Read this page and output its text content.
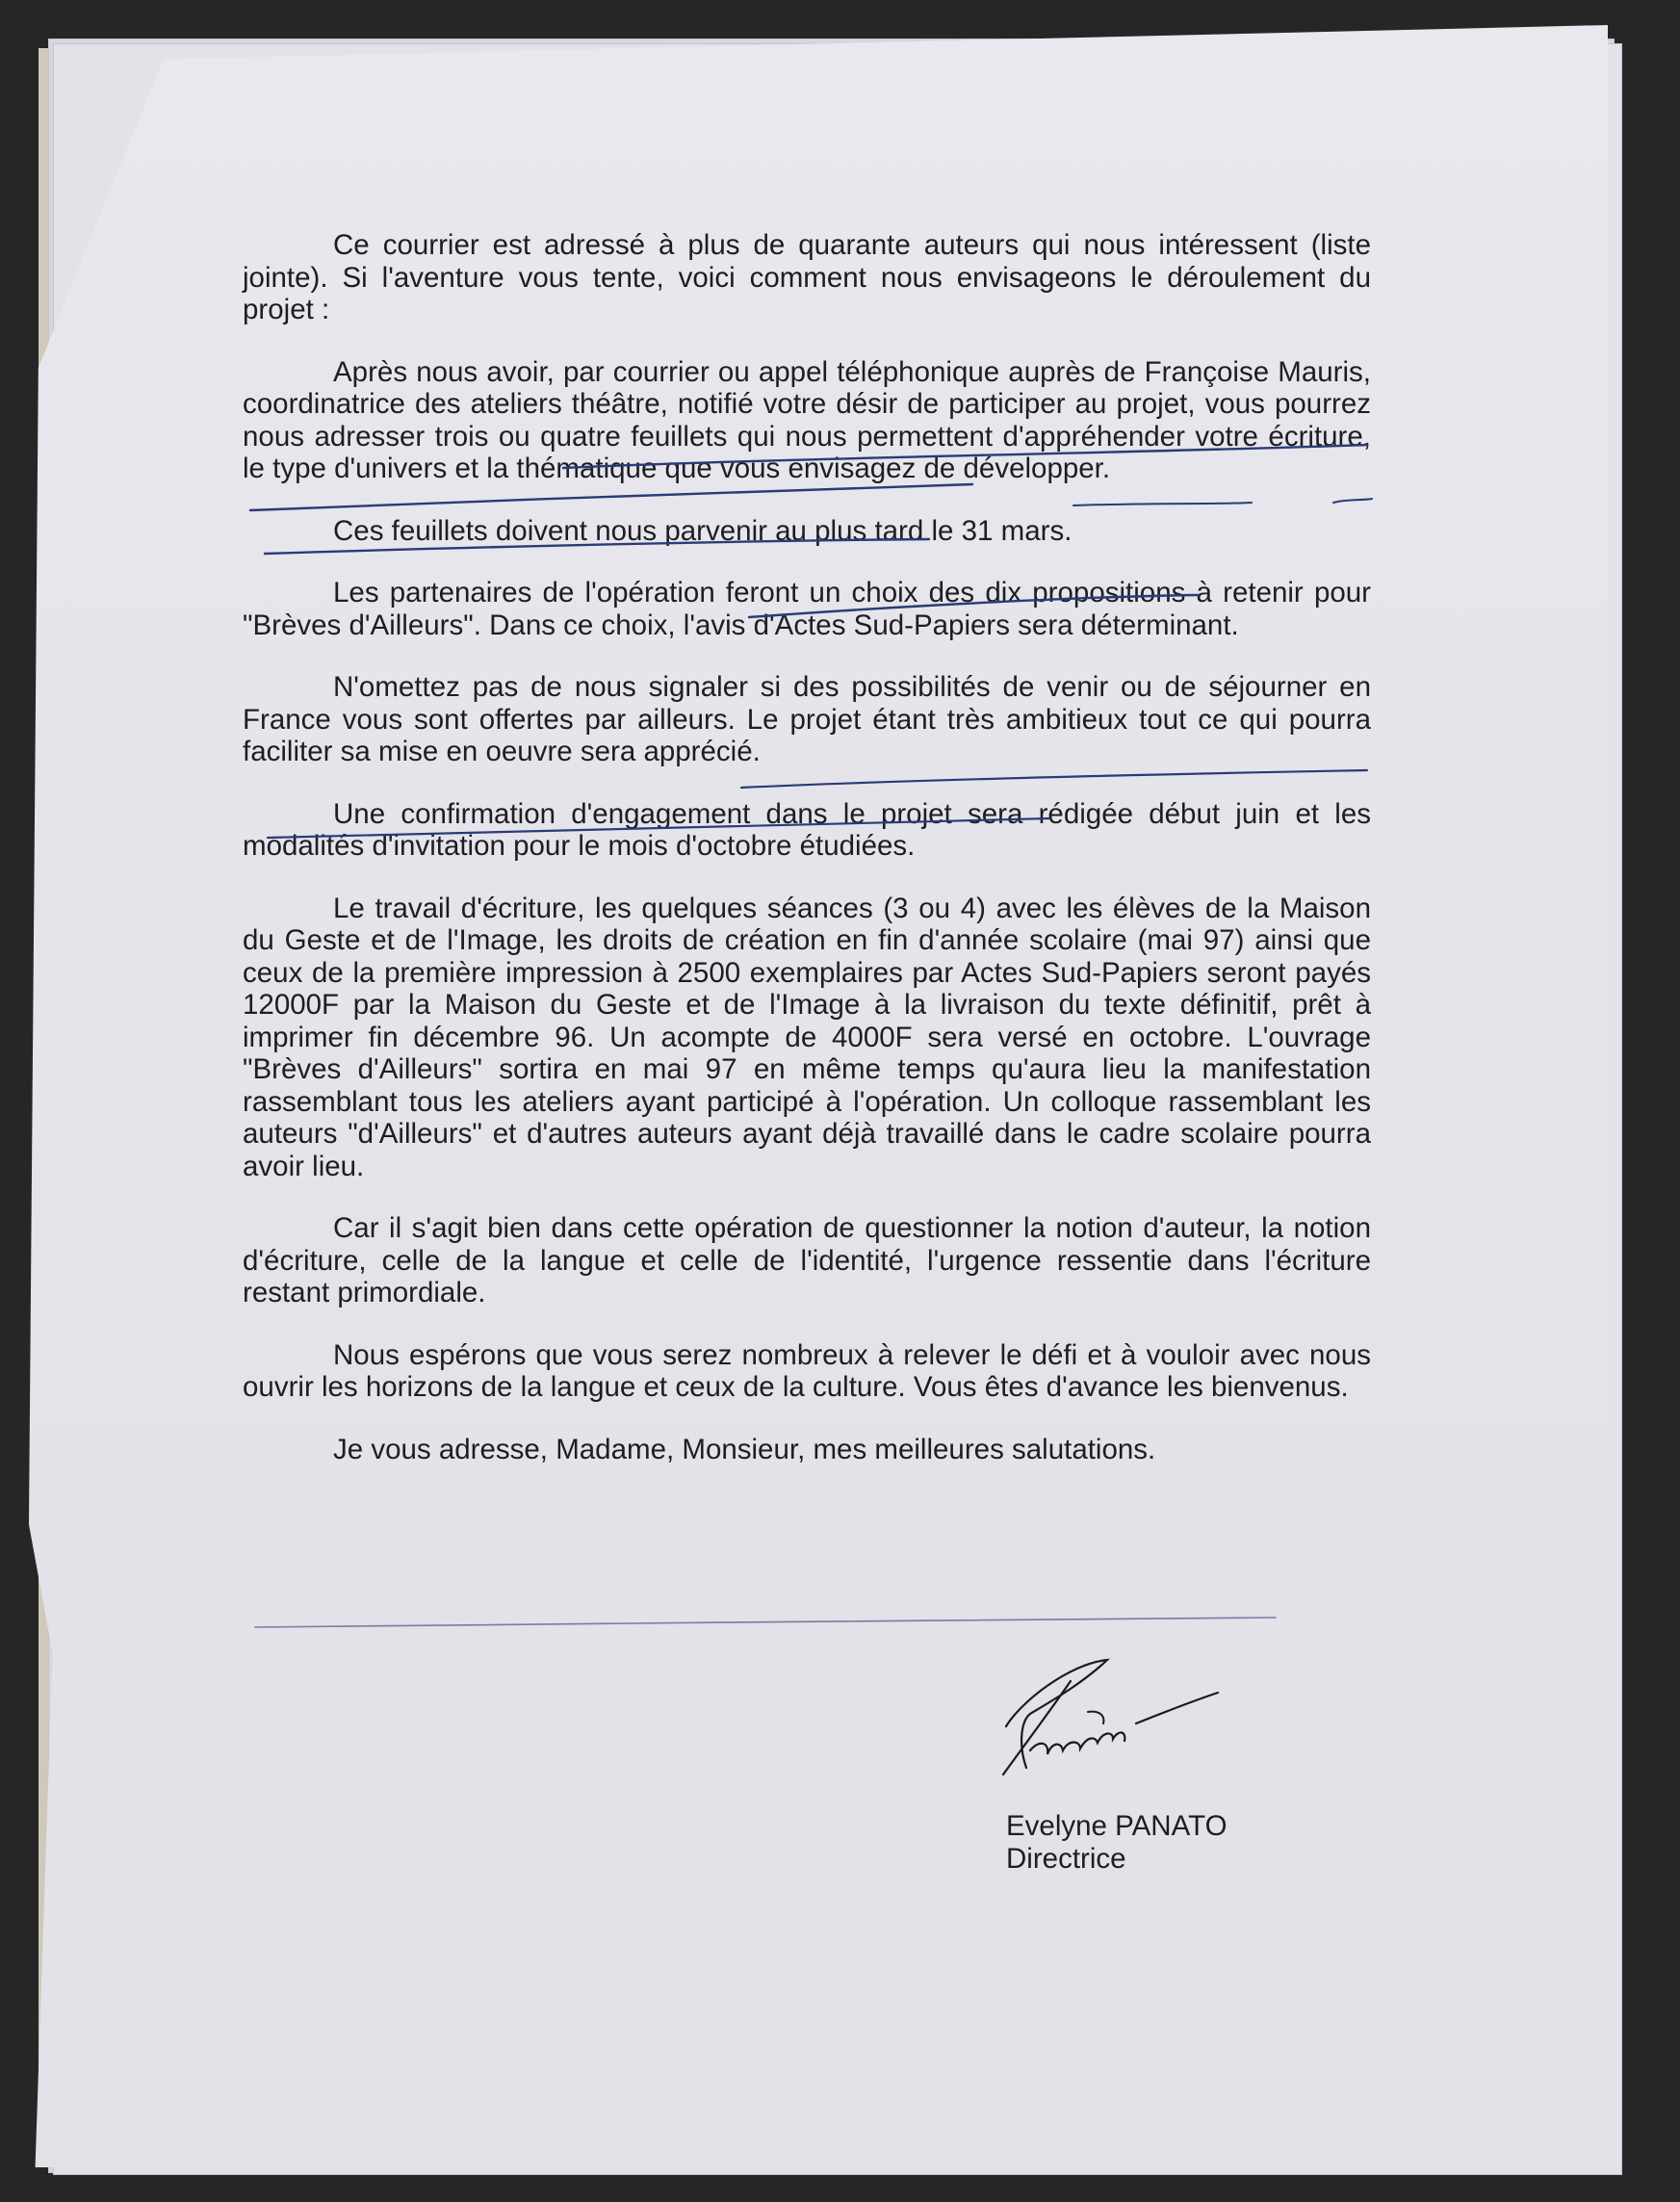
Ce courrier est adressé à plus de quarante auteurs qui nous intéressent (liste jointe). Si l'aventure vous tente, voici comment nous envisageons le déroulement du projet :

Après nous avoir, par courrier ou appel téléphonique auprès de Françoise Mauris, coordinatrice des ateliers théâtre, notifié votre désir de participer au projet, vous pourrez nous adresser trois ou quatre feuillets qui nous permettent d'appréhender votre écriture, le type d'univers et la thématique que vous envisagez de développer.

Ces feuillets doivent nous parvenir au plus tard le 31 mars.

Les partenaires de l'opération feront un choix des dix propositions à retenir pour "Brèves d'Ailleurs". Dans ce choix, l'avis d'Actes Sud-Papiers sera déterminant.

N'omettez pas de nous signaler si des possibilités de venir ou de séjourner en France vous sont offertes par ailleurs. Le projet étant très ambitieux tout ce qui pourra faciliter sa mise en oeuvre sera apprécié.

Une confirmation d'engagement dans le projet sera rédigée début juin et les modalités d'invitation pour le mois d'octobre étudiées.

Le travail d'écriture, les quelques séances (3 ou 4) avec les élèves de la Maison du Geste et de l'Image, les droits de création en fin d'année scolaire (mai 97) ainsi que ceux de la première impression à 2500 exemplaires par Actes Sud-Papiers seront payés 12000F par la Maison du Geste et de l'Image à la livraison du texte définitif, prêt à imprimer fin décembre 96. Un acompte de 4000F sera versé en octobre. L'ouvrage "Brèves d'Ailleurs" sortira en mai 97 en même temps qu'aura lieu la manifestation rassemblant tous les ateliers ayant participé à l'opération. Un colloque rassemblant les auteurs "d'Ailleurs" et d'autres auteurs ayant déjà travaillé dans le cadre scolaire pourra avoir lieu.

Car il s'agit bien dans cette opération de questionner la notion d'auteur, la notion d'écriture, celle de la langue et celle de l'identité, l'urgence ressentie dans l'écriture restant primordiale.

Nous espérons que vous serez nombreux à relever le défi et à vouloir avec nous ouvrir les horizons de la langue et ceux de la culture. Vous êtes d'avance les bienvenus.

Je vous adresse, Madame, Monsieur, mes meilleures salutations.

Evelyne PANATO
Directrice
